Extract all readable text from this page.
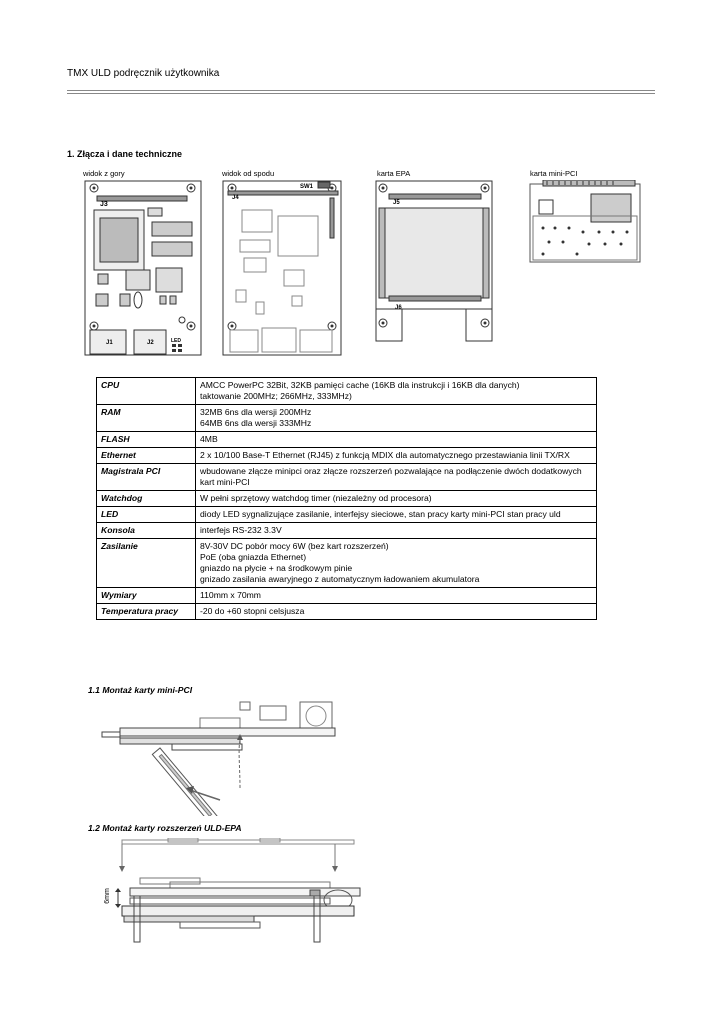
TMX ULD podręcznik użytkownika
1. Złącza i dane techniczne
widok z gory	widok od spodu	karta EPA	karta mini-PCI
J3
J1	J2	LED
SW1
J4
J5
J6
CPU	AMCC PowerPC 32Bit, 32KB pamięci cache (16KB dla instrukcji i 16KB dla danych)
taktowanie 200MHz; 266MHz, 333MHz)
RAM	32MB 6ns dla wersji 200MHz
64MB 6ns dla wersji 333MHz
FLASH	4MB
Ethernet	2 x 10/100 Base-T Ethernet (RJ45) z funkcją MDIX dla automatycznego przestawiania linii TX/RX
Magistrala PCI	wbudowane złącze minipci oraz złącze rozszerzeń pozwalające na podłączenie dwóch dodatkowych kart mini-PCI
Watchdog	W pełni sprzętowy watchdog timer (niezależny od procesora)
LED	diody LED sygnalizujące zasilanie, interfejsy sieciowe, stan pracy karty mini-PCI stan pracy uld
Konsola	interfejs RS-232 3.3V
Zasilanie	8V-30V DC pobór mocy 6W (bez kart rozszerzeń)
PoE (oba gniazda Ethernet)
gniazdo na płycie + na środkowym pinie
gnizado zasilania awaryjnego z automatycznym ładowaniem akumulatora
Wymiary	110mm x 70mm
Temperatura pracy	-20 do +60 stopni celsjusza
1.1 Montaż karty mini-PCI
1.2 Montaż karty rozszerzeń ULD-EPA
6mm
